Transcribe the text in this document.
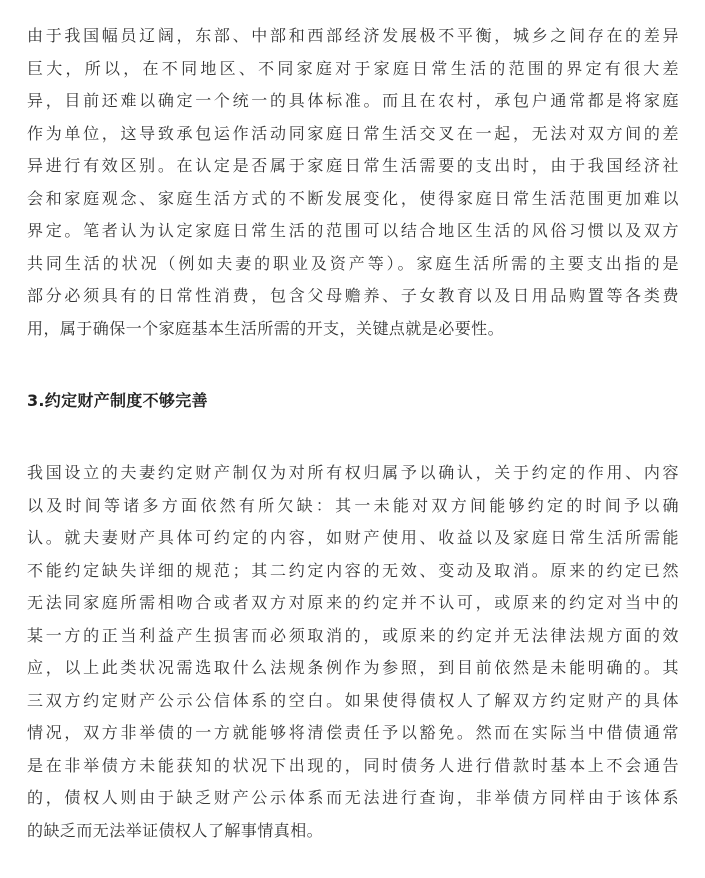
由于我国幅员辽阔，东部、中部和西部经济发展极不平衡，城乡之间存在的差异
巨大，所以，在不同地区、不同家庭对于家庭日常生活的范围的界定有很大差
异，目前还难以确定一个统一的具体标准。而且在农村，承包户通常都是将家庭
作为单位，这导致承包运作活动同家庭日常生活交叉在一起，无法对双方间的差
异进行有效区别。在认定是否属于家庭日常生活需要的支出时，由于我国经济社
会和家庭观念、家庭生活方式的不断发展变化，使得家庭日常生活范围更加难以
界定。笔者认为认定家庭日常生活的范围可以结合地区生活的风俗习惯以及双方
共同生活的状况（例如夫妻的职业及资产等）。家庭生活所需的主要支出指的是
部分必须具有的日常性消费，包含父母赡养、子女教育以及日用品购置等各类费
用，属于确保一个家庭基本生活所需的开支，关键点就是必要性。
3.约定财产制度不够完善
我国设立的夫妻约定财产制仅为对所有权归属予以确认，关于约定的作用、内容
以及时间等诸多方面依然有所欠缺：其一未能对双方间能够约定的时间予以确
认。就夫妻财产具体可约定的内容，如财产使用、收益以及家庭日常生活所需能
不能约定缺失详细的规范；其二约定内容的无效、变动及取消。原来的约定已然
无法同家庭所需相吻合或者双方对原来的约定并不认可，或原来的约定对当中的
某一方的正当利益产生损害而必须取消的，或原来的约定并无法律法规方面的效
应，以上此类状况需选取什么法规条例作为参照，到目前依然是未能明确的。其
三双方约定财产公示公信体系的空白。如果使得债权人了解双方约定财产的具体
情况，双方非举债的一方就能够将清偿责任予以豁免。然而在实际当中借债通常
是在非举债方未能获知的状况下出现的，同时债务人进行借款时基本上不会通告
的，债权人则由于缺乏财产公示体系而无法进行查询，非举债方同样由于该体系
的缺乏而无法举证债权人了解事情真相。
